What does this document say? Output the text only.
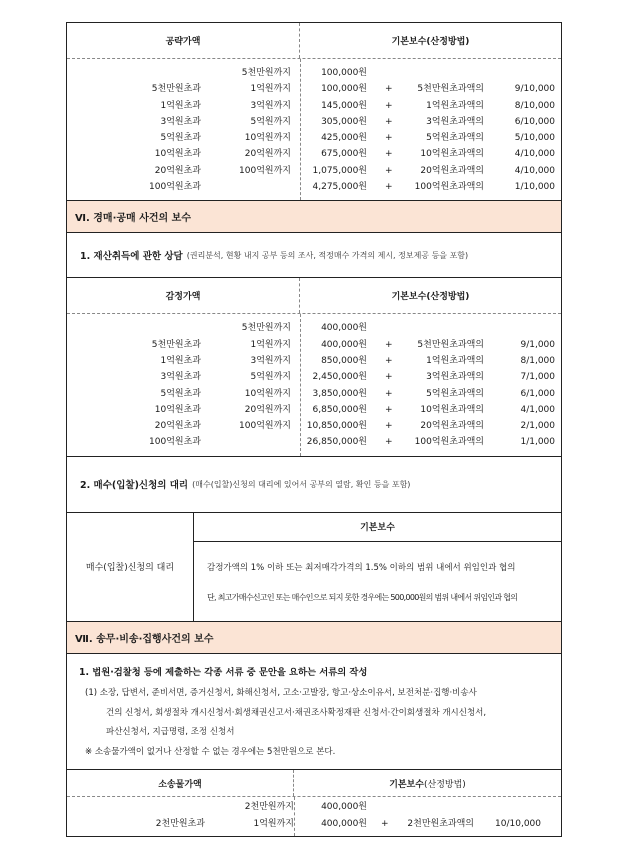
공략가액	기본보수(산정방법)
5천만원까지	100,000원
5천만원초과	1억원까지	100,000원 +	5천만원초과액의	9/10,000
1억원초과	3억원까지	145,000원 +	1억원초과액의	8/10,000
3억원초과	5억원까지	305,000원 +	3억원초과액의	6/10,000
5억원초과	10억원까지	425,000원 +	5억원초과액의	5/10,000
10억원초과	20억원까지	675,000원 +	10억원초과액의	4/10,000
20억원초과	100억원까지 1,075,000원 +	20억원초과액의	4/10,000
100억원초과	4,275,000원 + 100억원초과액의	1/10,000
Ⅵ. 경매·공매 사건의 보수
1. 재산취득에 관한 상담 (권리분석, 현황 내지 공부 등의 조사, 적정매수 가격의 제시, 정보제공 등을 포함)
감정가액	기본보수(산정방법)
5천만원까지	400,000원
5천만원초과	1억원까지	400,000원 +	5천만원초과액의	9/1,000
1억원초과	3억원까지	850,000원 +	1억원초과액의	8/1,000
3억원초과	5억원까지 2,450,000원 +	3억원초과액의	7/1,000
5억원초과	10억원까지 3,850,000원 +	5억원초과액의	6/1,000
10억원초과	20억원까지 6,850,000원 +	10억원초과액의	4/1,000
20억원초과	100억원까지 10,850,000원 +	20억원초과액의	2/1,000
100억원초과	26,850,000원 + 100억원초과액의	1/1,000
2. 매수(입찰)신청의 대리 (매수(입찰)신청의 대리에 있어서 공부의 열람, 확인 등을 포함)
매수(입찰)신청의 대리
기본보수
감정가액의 1% 이하 또는 최저매각가격의 1.5% 이하의 범위 내에서 위임인과 협의
단, 최고가매수신고인 또는 매수인으로 되지 못한 경우에는 500,000원의 범위 내에서 위임인과 협의
Ⅶ. 송무·비송·집행사건의 보수
1. 법원·검찰청 등에 제출하는 각종 서류 중 문안을 요하는 서류의 작성
(1) 소장, 답변서, 준비서면, 증거신청서, 화해신청서, 고소·고발장, 항고·상소이유서, 보전처분·집행·비송사
건의 신청서, 회생절차 개시신청서·회생채권신고서·채권조사확정재판 신청서·간이회생절차 개시신청서,
파산신청서, 지급명령, 조정 신청서
※ 소송물가액이 없거나 산정할 수 없는 경우에는 5천만원으로 본다.
소송물가액	기본보수 (산정방법)
2천만원까지	400,000원
2천만원초과	1억원까지	400,000원 + 2천만원초과액의 10/10,000
